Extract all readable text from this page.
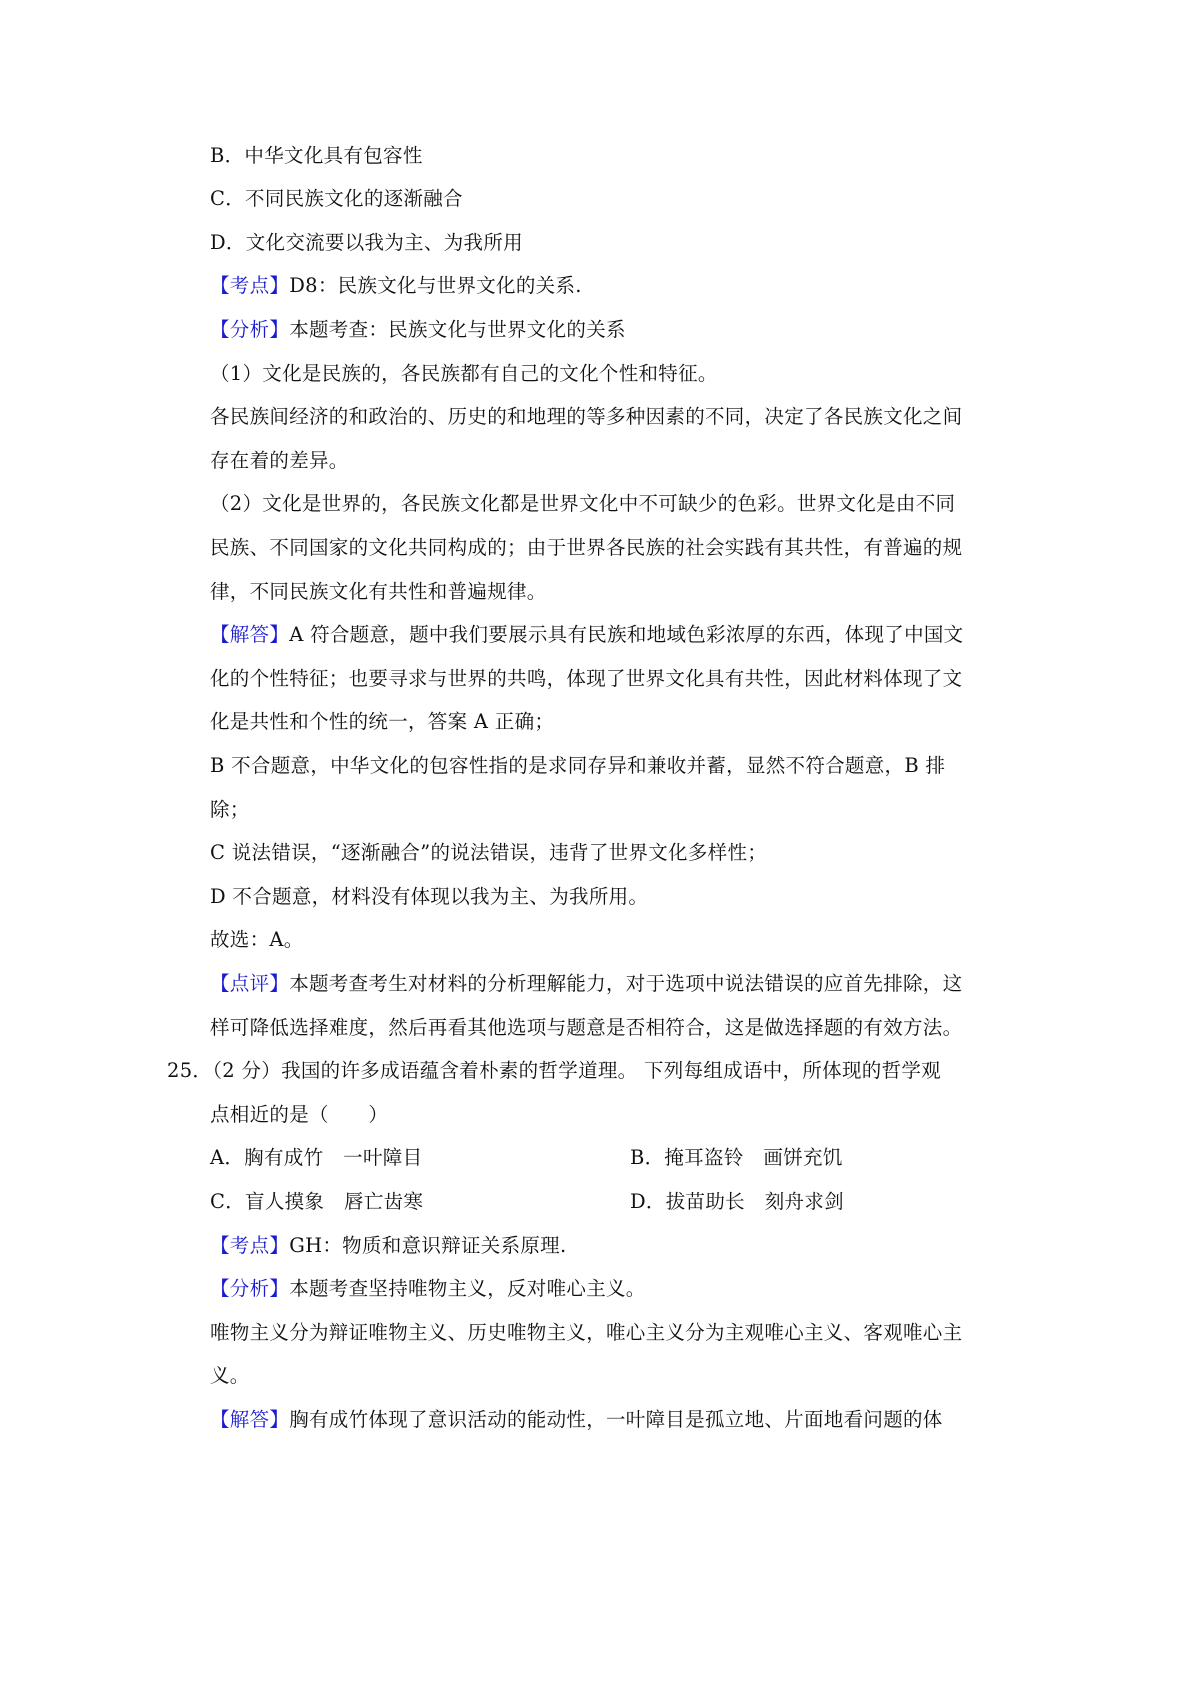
B．中华文化具有包容性
C．不同民族文化的逐渐融合
D．文化交流要以我为主、为我所用
【考点】D8：民族文化与世界文化的关系.
【分析】本题考查：民族文化与世界文化的关系
（1）文化是民族的，各民族都有自己的文化个性和特征。
各民族间经济的和政治的、历史的和地理的等多种因素的不同，决定了各民族文化之间
存在着的差异。
（2）文化是世界的，各民族文化都是世界文化中不可缺少的色彩。世界文化是由不同
民族、不同国家的文化共同构成的；由于世界各民族的社会实践有其共性，有普遍的规
律，不同民族文化有共性和普遍规律。
【解答】A 符合题意，题中我们要展示具有民族和地域色彩浓厚的东西，体现了中国文
化的个性特征；也要寻求与世界的共鸣，体现了世界文化具有共性，因此材料体现了文
化是共性和个性的统一，答案 A 正确；
B 不合题意，中华文化的包容性指的是求同存异和兼收并蓄，显然不符合题意，B 排
除；
C 说法错误，“逐渐融合”的说法错误，违背了世界文化多样性；
D 不合题意，材料没有体现以我为主、为我所用。
故选：A。
【点评】本题考查考生对材料的分析理解能力，对于选项中说法错误的应首先排除，这
样可降低选择难度，然后再看其他选项与题意是否相符合，这是做选择题的有效方法。
25．（2 分）我国的许多成语蕴含着朴素的哲学道理。 下列每组成语中，所体现的哲学观
点相近的是（　　）
A．胸有成竹　一叶障目	B．掩耳盗铃　画饼充饥
C．盲人摸象　唇亡齿寒	D．拔苗助长　刻舟求剑
【考点】GH：物质和意识辩证关系原理.
【分析】本题考查坚持唯物主义，反对唯心主义。
唯物主义分为辩证唯物主义、历史唯物主义，唯心主义分为主观唯心主义、客观唯心主
义。
【解答】胸有成竹体现了意识活动的能动性，一叶障目是孤立地、片面地看问题的体
